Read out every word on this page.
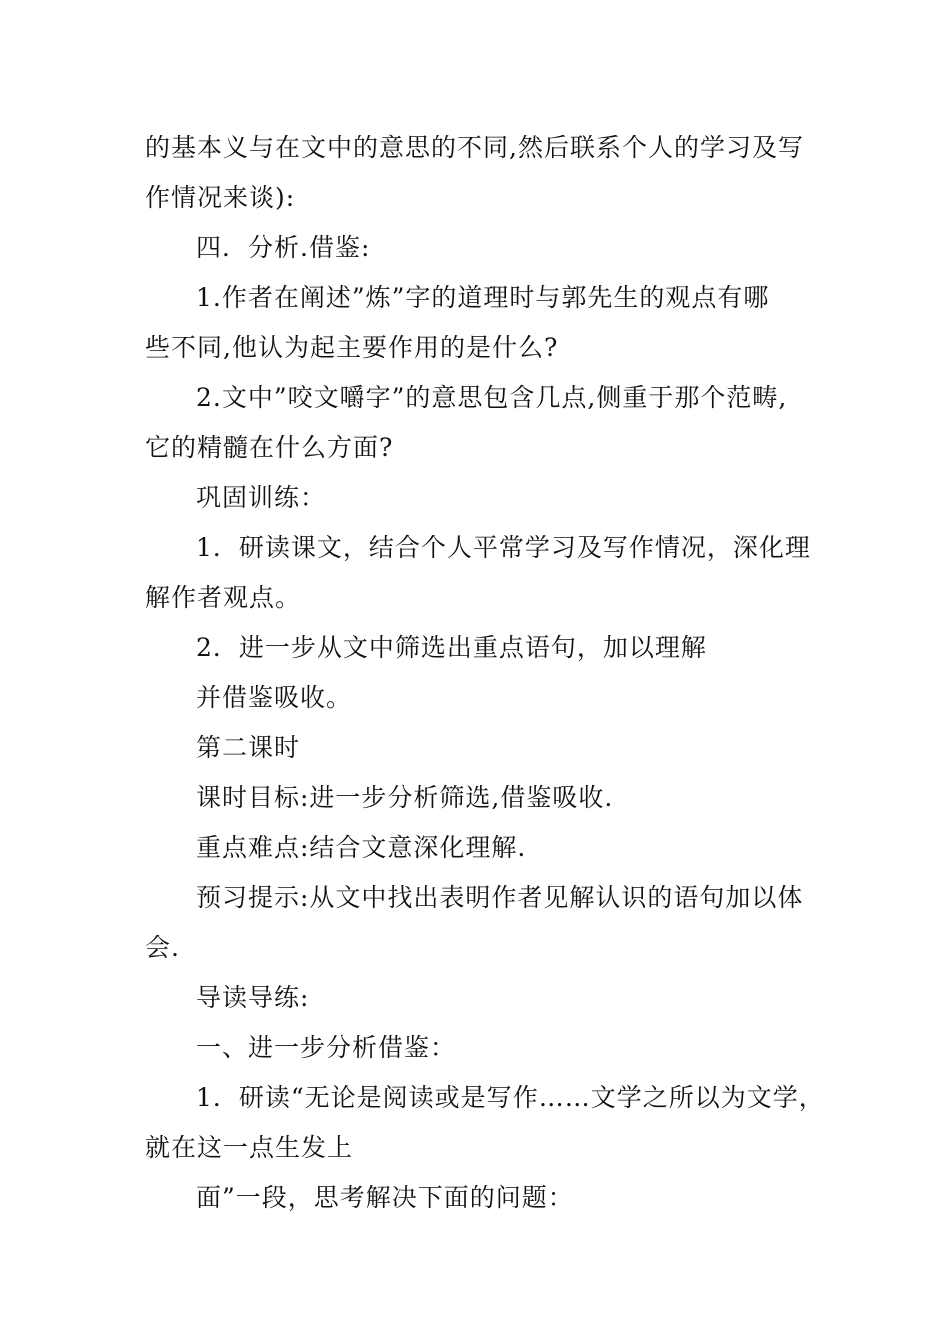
的基本义与在文中的意思的不同,然后联系个人的学习及写
作情况来谈):
四．分析.借鉴:
1.作者在阐述”炼”字的道理时与郭先生的观点有哪
些不同,他认为起主要作用的是什么?
2.文中”咬文嚼字”的意思包含几点,侧重于那个范畴,
它的精髓在什么方面?
巩固训练：
1．研读课文，结合个人平常学习及写作情况，深化理
解作者观点。
2．进一步从文中筛选出重点语句，加以理解
并借鉴吸收。
第二课时
课时目标:进一步分析筛选,借鉴吸收.
重点难点:结合文意深化理解.
预习提示:从文中找出表明作者见解认识的语句加以体
会.
导读导练:
一、进一步分析借鉴：
1．研读“无论是阅读或是写作……文学之所以为文学，
就在这一点生发上
面”一段，思考解决下面的问题：
